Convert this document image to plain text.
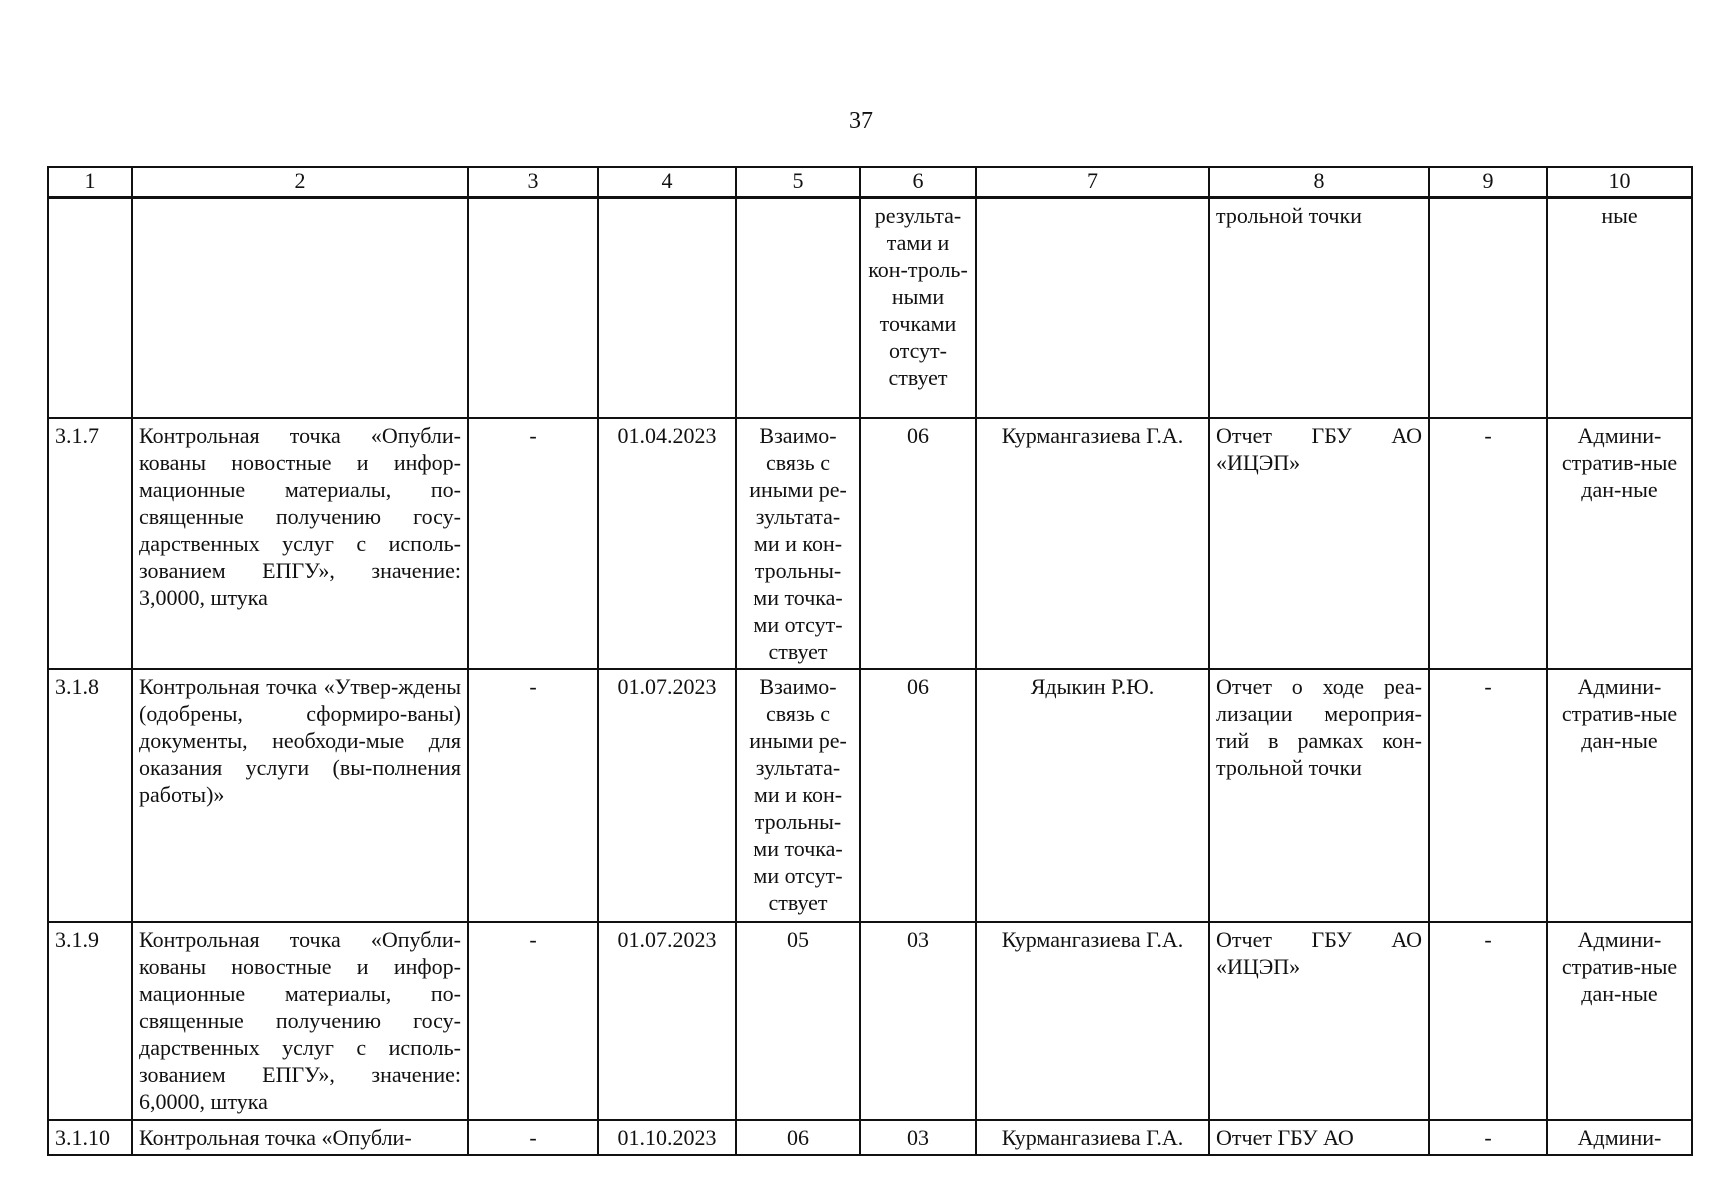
37
1	2	3	4	5	6	7	8	9	10
					результа-тами и кон-троль-ными точками отсут-ствует		трольной точки		ные
3.1.7	Контрольная точка «Опубли-кованы новостные и инфор-мационные материалы, по-священные получению госу-дарственных услуг с исполь-зованием ЕПГУ», значение: 3,0000, штука	-	01.04.2023	Взаимо-связь с иными ре-зультата-ми и кон-трольны-ми точка-ми отсут-ствует	06	Курмангазиева Г.А.	Отчет ГБУ АО «ИЦЭП»	-	Админи-стратив-ные дан-ные
3.1.8	Контрольная точка «Утвер-ждены (одобрены, сформиро-ваны) документы, необходи-мые для оказания услуги (вы-полнения работы)»	-	01.07.2023	Взаимо-связь с иными ре-зультата-ми и кон-трольны-ми точка-ми отсут-ствует	06	Ядыкин Р.Ю.	Отчет о ходе реа-лизации мероприя-тий в рамках кон-трольной точки	-	Админи-стратив-ные дан-ные
3.1.9	Контрольная точка «Опубли-кованы новостные и инфор-мационные материалы, по-священные получению госу-дарственных услуг с исполь-зованием ЕПГУ», значение: 6,0000, штука	-	01.07.2023	05	03	Курмангазиева Г.А.	Отчет ГБУ АО «ИЦЭП»	-	Админи-стратив-ные дан-ные
3.1.10	Контрольная точка «Опубли-	-	01.10.2023	06	03	Курмангазиева Г.А.	Отчет ГБУ АО	-	Админи-
